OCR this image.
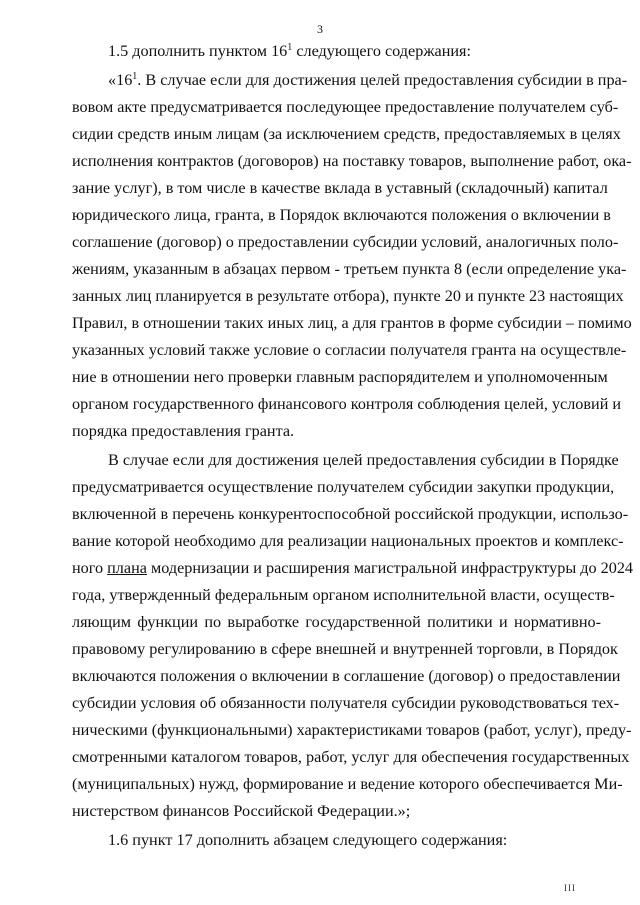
3
1.5 дополнить пунктом $16^1$ следующего содержания:
«$16^1$. В случае если для достижения целей предоставления субсидии в пра-
вовом акте предусматривается последующее предоставление получателем суб-
сидии средств иным лицам (за исключением средств, предоставляемых в целях
исполнения контрактов (договоров) на поставку товаров, выполнение работ, ока-
зание услуг), в том числе в качестве вклада в уставный (складочный) капитал
юридического лица, гранта, в Порядок включаются положения о включении в
соглашение (договор) о предоставлении субсидии условий, аналогичных поло-
жениям, указанным в абзацах первом - третьем пункта 8 (если определение ука-
занных лиц планируется в результате отбора), пункте 20 и пункте 23 настоящих
Правил, в отношении таких иных лиц, а для грантов в форме субсидии – помимо
указанных условий также условие о согласии получателя гранта на осуществле-
ние в отношении него проверки главным распорядителем и уполномоченным
органом государственного финансового контроля соблюдения целей, условий и
порядка предоставления гранта.
В случае если для достижения целей предоставления субсидии в Порядке
предусматривается осуществление получателем субсидии закупки продукции,
включенной в перечень конкурентоспособной российской продукции, использо-
вание которой необходимо для реализации национальных проектов и комплекс-
ного плана модернизации и расширения магистральной инфраструктуры до 2024
года, утвержденный федеральным органом исполнительной власти, осуществ-
ляющим функции по выработке государственной политики и нормативно-
правовому регулированию в сфере внешней и внутренней торговли, в Порядок
включаются положения о включении в соглашение (договор) о предоставлении
субсидии условия об обязанности получателя субсидии руководствоваться тех-
ническими (функциональными) характеристиками товаров (работ, услуг), преду-
смотренными каталогом товаров, работ, услуг для обеспечения государственных
(муниципальных) нужд, формирование и ведение которого обеспечивается Ми-
нистерством финансов Российской Федерации.»;
1.6 пункт 17 дополнить абзацем следующего содержания:
III
